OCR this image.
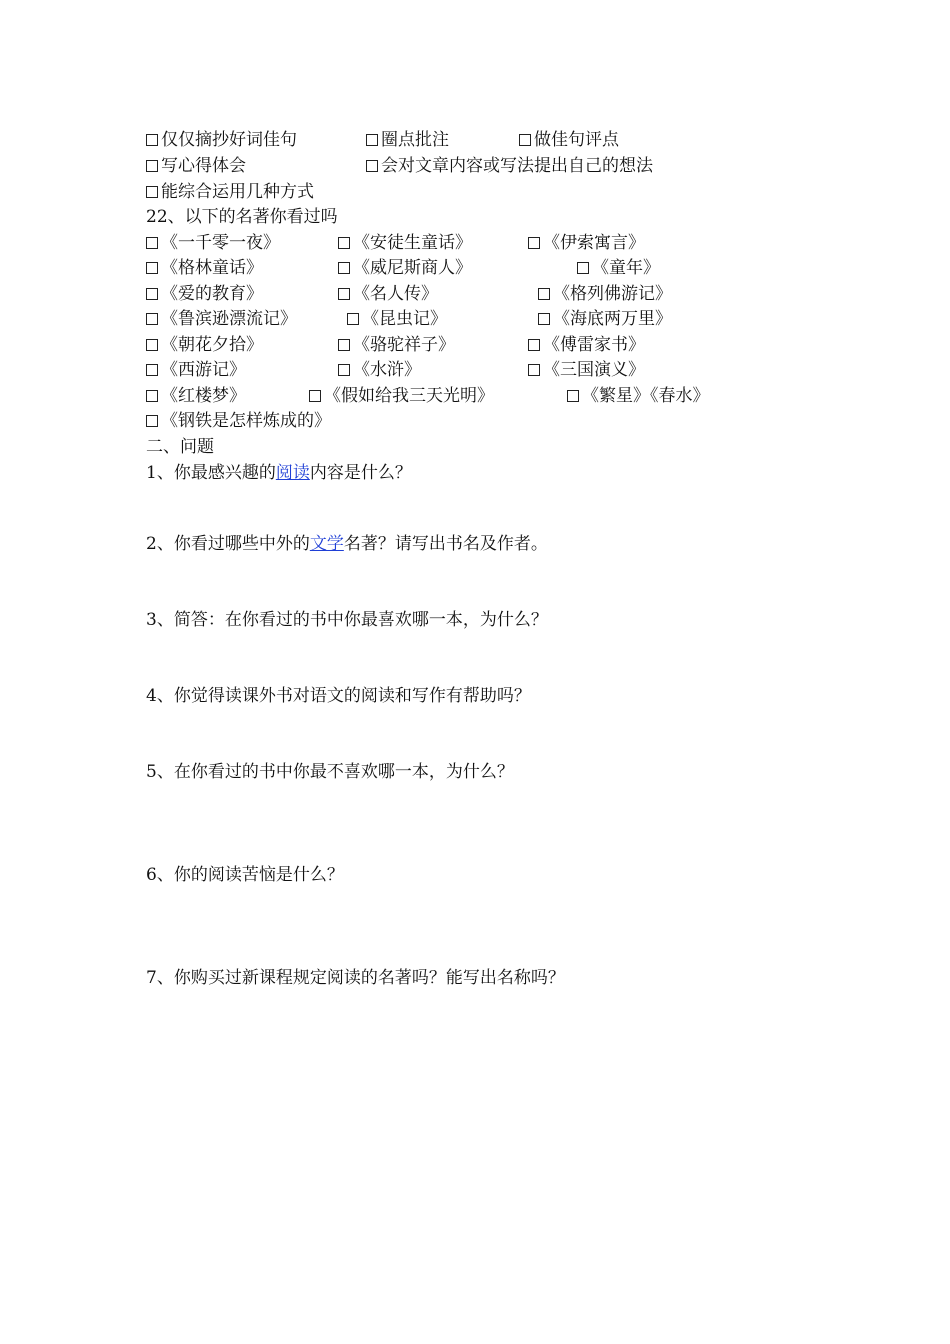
仅仅摘抄好词佳句	圈点批注	做佳句评点
写心得体会	会对文章内容或写法提出自己的想法
能综合运用几种方式
22、以下的名著你看过吗
《一千零一夜》	《安徒生童话》	《伊索寓言》
《格林童话》	《威尼斯商人》	《童年》
《爱的教育》	《名人传》	《格列佛游记》
《鲁滨逊漂流记》	《昆虫记》	《海底两万里》
《朝花夕拾》	《骆驼祥子》	《傅雷家书》
《西游记》	《水浒》	《三国演义》
《红楼梦》	《假如给我三天光明》	《繁星》《春水》
《钢铁是怎样炼成的》
二、问题
1、你最感兴趣的阅读内容是什么？
2、你看过哪些中外的文学名著？请写出书名及作者。
3、简答：在你看过的书中你最喜欢哪一本，为什么？
4、你觉得读课外书对语文的阅读和写作有帮助吗？
5、在你看过的书中你最不喜欢哪一本，为什么？
6、你的阅读苦恼是什么？
7、你购买过新课程规定阅读的名著吗？能写出名称吗？
